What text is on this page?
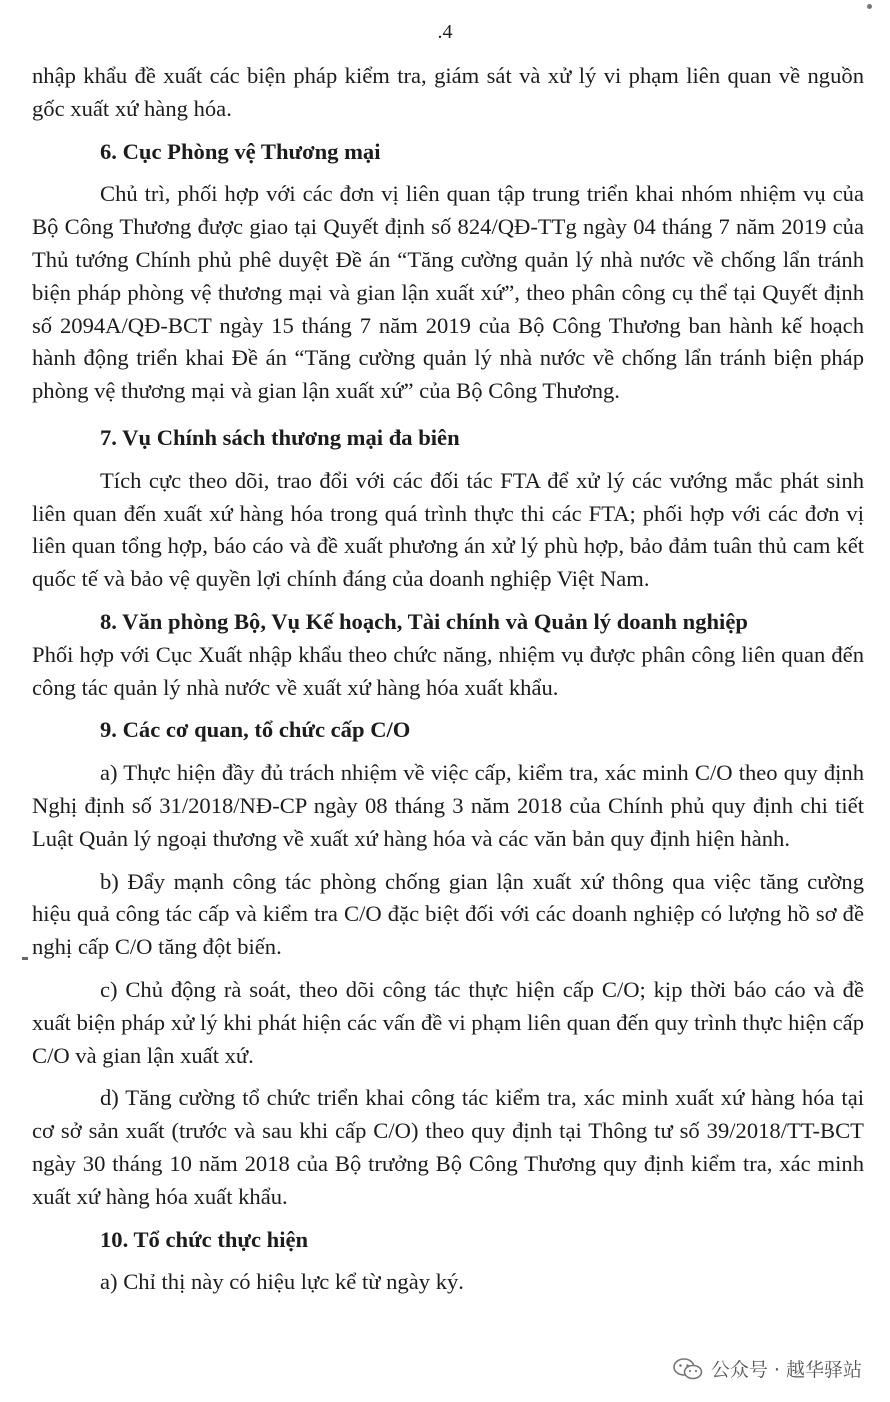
.4

nhập khẩu đề xuất các biện pháp kiểm tra, giám sát và xử lý vi phạm liên quan về nguồn gốc xuất xứ hàng hóa.

6. Cục Phòng vệ Thương mại

Chủ trì, phối hợp với các đơn vị liên quan tập trung triển khai nhóm nhiệm vụ của Bộ Công Thương được giao tại Quyết định số 824/QĐ-TTg ngày 04 tháng 7 năm 2019 của Thủ tướng Chính phủ phê duyệt Đề án “Tăng cường quản lý nhà nước về chống lẩn tránh biện pháp phòng vệ thương mại và gian lận xuất xứ”, theo phân công cụ thể tại Quyết định số 2094A/QĐ-BCT ngày 15 tháng 7 năm 2019 của Bộ Công Thương ban hành kế hoạch hành động triển khai Đề án “Tăng cường quản lý nhà nước về chống lẩn tránh biện pháp phòng vệ thương mại và gian lận xuất xứ” của Bộ Công Thương.

7. Vụ Chính sách thương mại đa biên

Tích cực theo dõi, trao đổi với các đối tác FTA để xử lý các vướng mắc phát sinh liên quan đến xuất xứ hàng hóa trong quá trình thực thi các FTA; phối hợp với các đơn vị liên quan tổng hợp, báo cáo và đề xuất phương án xử lý phù hợp, bảo đảm tuân thủ cam kết quốc tế và bảo vệ quyền lợi chính đáng của doanh nghiệp Việt Nam.

8. Văn phòng Bộ, Vụ Kế hoạch, Tài chính và Quản lý doanh nghiệp

Phối hợp với Cục Xuất nhập khẩu theo chức năng, nhiệm vụ được phân công liên quan đến công tác quản lý nhà nước về xuất xứ hàng hóa xuất khẩu.

9. Các cơ quan, tổ chức cấp C/O

a) Thực hiện đầy đủ trách nhiệm về việc cấp, kiểm tra, xác minh C/O theo quy định Nghị định số 31/2018/NĐ-CP ngày 08 tháng 3 năm 2018 của Chính phủ quy định chi tiết Luật Quản lý ngoại thương về xuất xứ hàng hóa và các văn bản quy định hiện hành.

b) Đẩy mạnh công tác phòng chống gian lận xuất xứ thông qua việc tăng cường hiệu quả công tác cấp và kiểm tra C/O đặc biệt đối với các doanh nghiệp có lượng hồ sơ đề nghị cấp C/O tăng đột biến.

c) Chủ động rà soát, theo dõi công tác thực hiện cấp C/O; kịp thời báo cáo và đề xuất biện pháp xử lý khi phát hiện các vấn đề vi phạm liên quan đến quy trình thực hiện cấp C/O và gian lận xuất xứ.

d) Tăng cường tổ chức triển khai công tác kiểm tra, xác minh xuất xứ hàng hóa tại cơ sở sản xuất (trước và sau khi cấp C/O) theo quy định tại Thông tư số 39/2018/TT-BCT ngày 30 tháng 10 năm 2018 của Bộ trưởng Bộ Công Thương quy định kiểm tra, xác minh xuất xứ hàng hóa xuất khẩu.

10. Tổ chức thực hiện

a) Chỉ thị này có hiệu lực kể từ ngày ký.

公众号 · 越华驿站
